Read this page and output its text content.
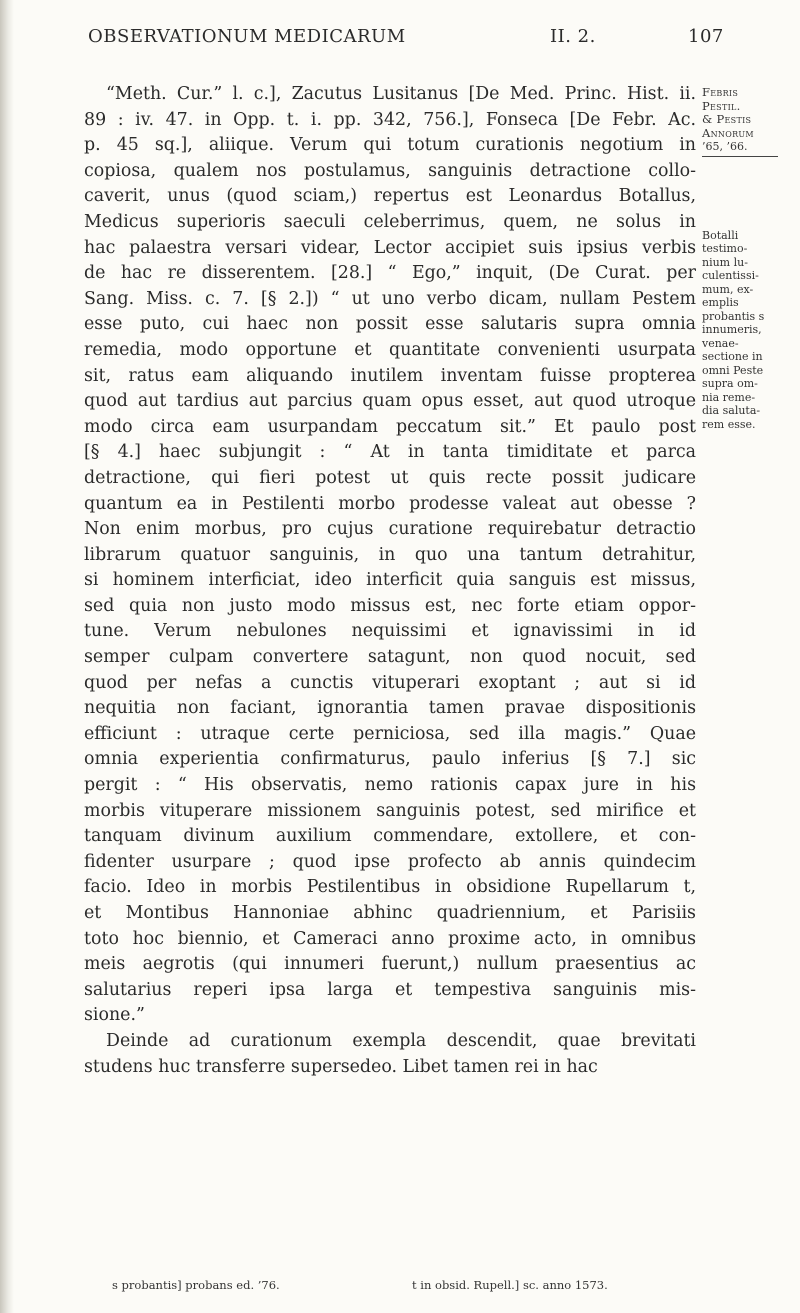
OBSERVATIONUM MEDICARUM	II. 2.	107

“Meth. Cur.” l. c.], Zacutus Lusitanus [De Med. Princ. Hist. ii.

89 : iv. 47. in Opp. t. i. pp. 342, 756.], Fonseca [De Febr. Ac.

p. 45 sq.], aliique. Verum qui totum curationis negotium in

copiosa, qualem nos postulamus, sanguinis detractione collo-

caverit, unus (quod sciam,) repertus est Leonardus Botallus,

Medicus superioris saeculi celeberrimus, quem, ne solus in

hac palaestra versari videar, Lector accipiet suis ipsius verbis

de hac re disserentem. [28.] “ Ego,” inquit, (De Curat. per

Sang. Miss. c. 7. [§ 2.]) “ ut uno verbo dicam, nullam Pestem

esse puto, cui haec non possit esse salutaris supra omnia

remedia, modo opportune et quantitate convenienti usurpata

sit, ratus eam aliquando inutilem inventam fuisse propterea

quod aut tardius aut parcius quam opus esset, aut quod utroque

modo circa eam usurpandam peccatum sit.” Et paulo post

[§ 4.] haec subjungit : “ At in tanta timiditate et parca

detractione, qui fieri potest ut quis recte possit judicare

quantum ea in Pestilenti morbo prodesse valeat aut obesse ?

Non enim morbus, pro cujus curatione requirebatur detractio

librarum quatuor sanguinis, in quo una tantum detrahitur,

si hominem interficiat, ideo interficit quia sanguis est missus,

sed quia non justo modo missus est, nec forte etiam oppor-

tune. Verum nebulones nequissimi et ignavissimi in id

semper culpam convertere satagunt, non quod nocuit, sed

quod per nefas a cunctis vituperari exoptant ; aut si id

nequitia non faciant, ignorantia tamen pravae dispositionis

efficiunt : utraque certe perniciosa, sed illa magis.” Quae

omnia experientia confirmaturus, paulo inferius [§ 7.] sic

pergit : “ His observatis, nemo rationis capax jure in his

morbis vituperare missionem sanguinis potest, sed mirifice et

tanquam divinum auxilium commendare, extollere, et con-

fidenter usurpare ; quod ipse profecto ab annis quindecim

facio. Ideo in morbis Pestilentibus in obsidione Rupellarum t,

et Montibus Hannoniae abhinc quadriennium, et Parisiis

toto hoc biennio, et Cameraci anno proxime acto, in omnibus

meis aegrotis (qui innumeri fuerunt,) nullum praesentius ac

salutarius reperi ipsa larga et tempestiva sanguinis mis-

sione.”

Deinde ad curationum exempla descendit, quae brevitati

studens huc transferre supersedeo. Libet tamen rei in hac

Febris
Pestil.
& Pestis
Annorum
’65, ’66.
Botalli
testimo-
nium lu-
culentissi-
mum, ex-
emplis
probantis s
innumeris,
venae-
sectione in
omni Peste
supra om-
nia reme-
dia saluta-
rem esse.
s probantis] probans ed. ’76.	t in obsid. Rupell.] sc. anno 1573.
